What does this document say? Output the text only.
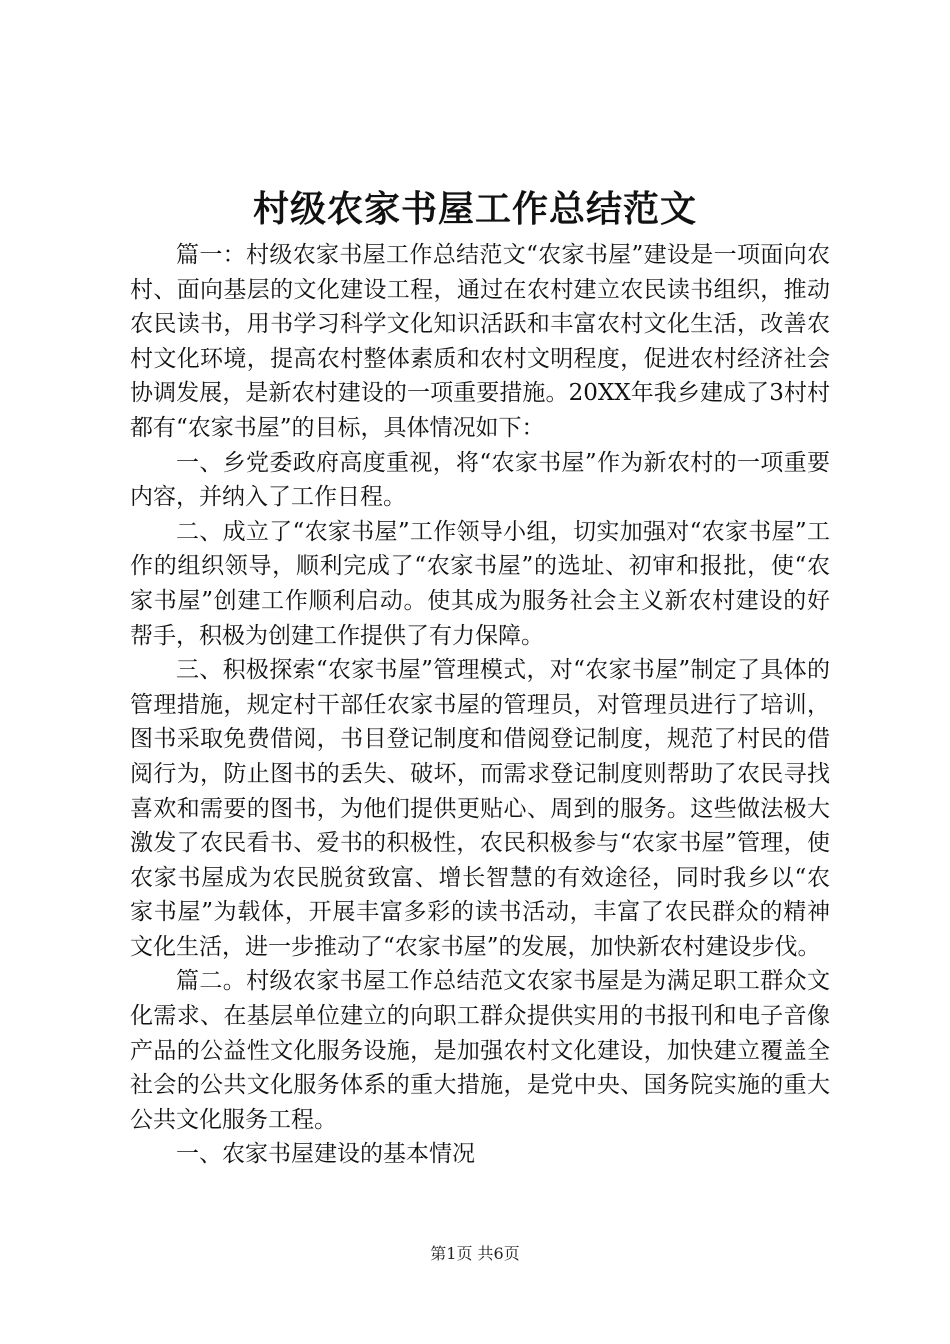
村级农家书屋工作总结范文

篇一：村级农家书屋工作总结范文“农家书屋”建设是一项面向农村、面向基层的文化建设工程，通过在农村建立农民读书组织，推动农民读书，用书学习科学文化知识活跃和丰富农村文化生活，改善农村文化环境，提高农村整体素质和农村文明程度，促进农村经济社会协调发展，是新农村建设的一项重要措施。20XX年我乡建成了3村村都有“农家书屋”的目标，具体情况如下：

一、乡党委政府高度重视，将“农家书屋”作为新农村的一项重要内容，并纳入了工作日程。

二、成立了“农家书屋”工作领导小组，切实加强对“农家书屋”工作的组织领导，顺利完成了“农家书屋”的选址、初审和报批，使“农家书屋”创建工作顺利启动。使其成为服务社会主义新农村建设的好帮手，积极为创建工作提供了有力保障。

三、积极探索“农家书屋”管理模式，对“农家书屋”制定了具体的管理措施，规定村干部任农家书屋的管理员，对管理员进行了培训，图书采取免费借阅，书目登记制度和借阅登记制度，规范了村民的借阅行为，防止图书的丢失、破坏，而需求登记制度则帮助了农民寻找喜欢和需要的图书，为他们提供更贴心、周到的服务。这些做法极大激发了农民看书、爱书的积极性，农民积极参与“农家书屋”管理，使农家书屋成为农民脱贫致富、增长智慧的有效途径，同时我乡以“农家书屋”为载体，开展丰富多彩的读书活动，丰富了农民群众的精神文化生活，进一步推动了“农家书屋”的发展，加快新农村建设步伐。

篇二。村级农家书屋工作总结范文农家书屋是为满足职工群众文化需求、在基层单位建立的向职工群众提供实用的书报刊和电子音像产品的公益性文化服务设施，是加强农村文化建设，加快建立覆盖全社会的公共文化服务体系的重大措施，是党中央、国务院实施的重大公共文化服务工程。

一、农家书屋建设的基本情况

第1页 共6页
